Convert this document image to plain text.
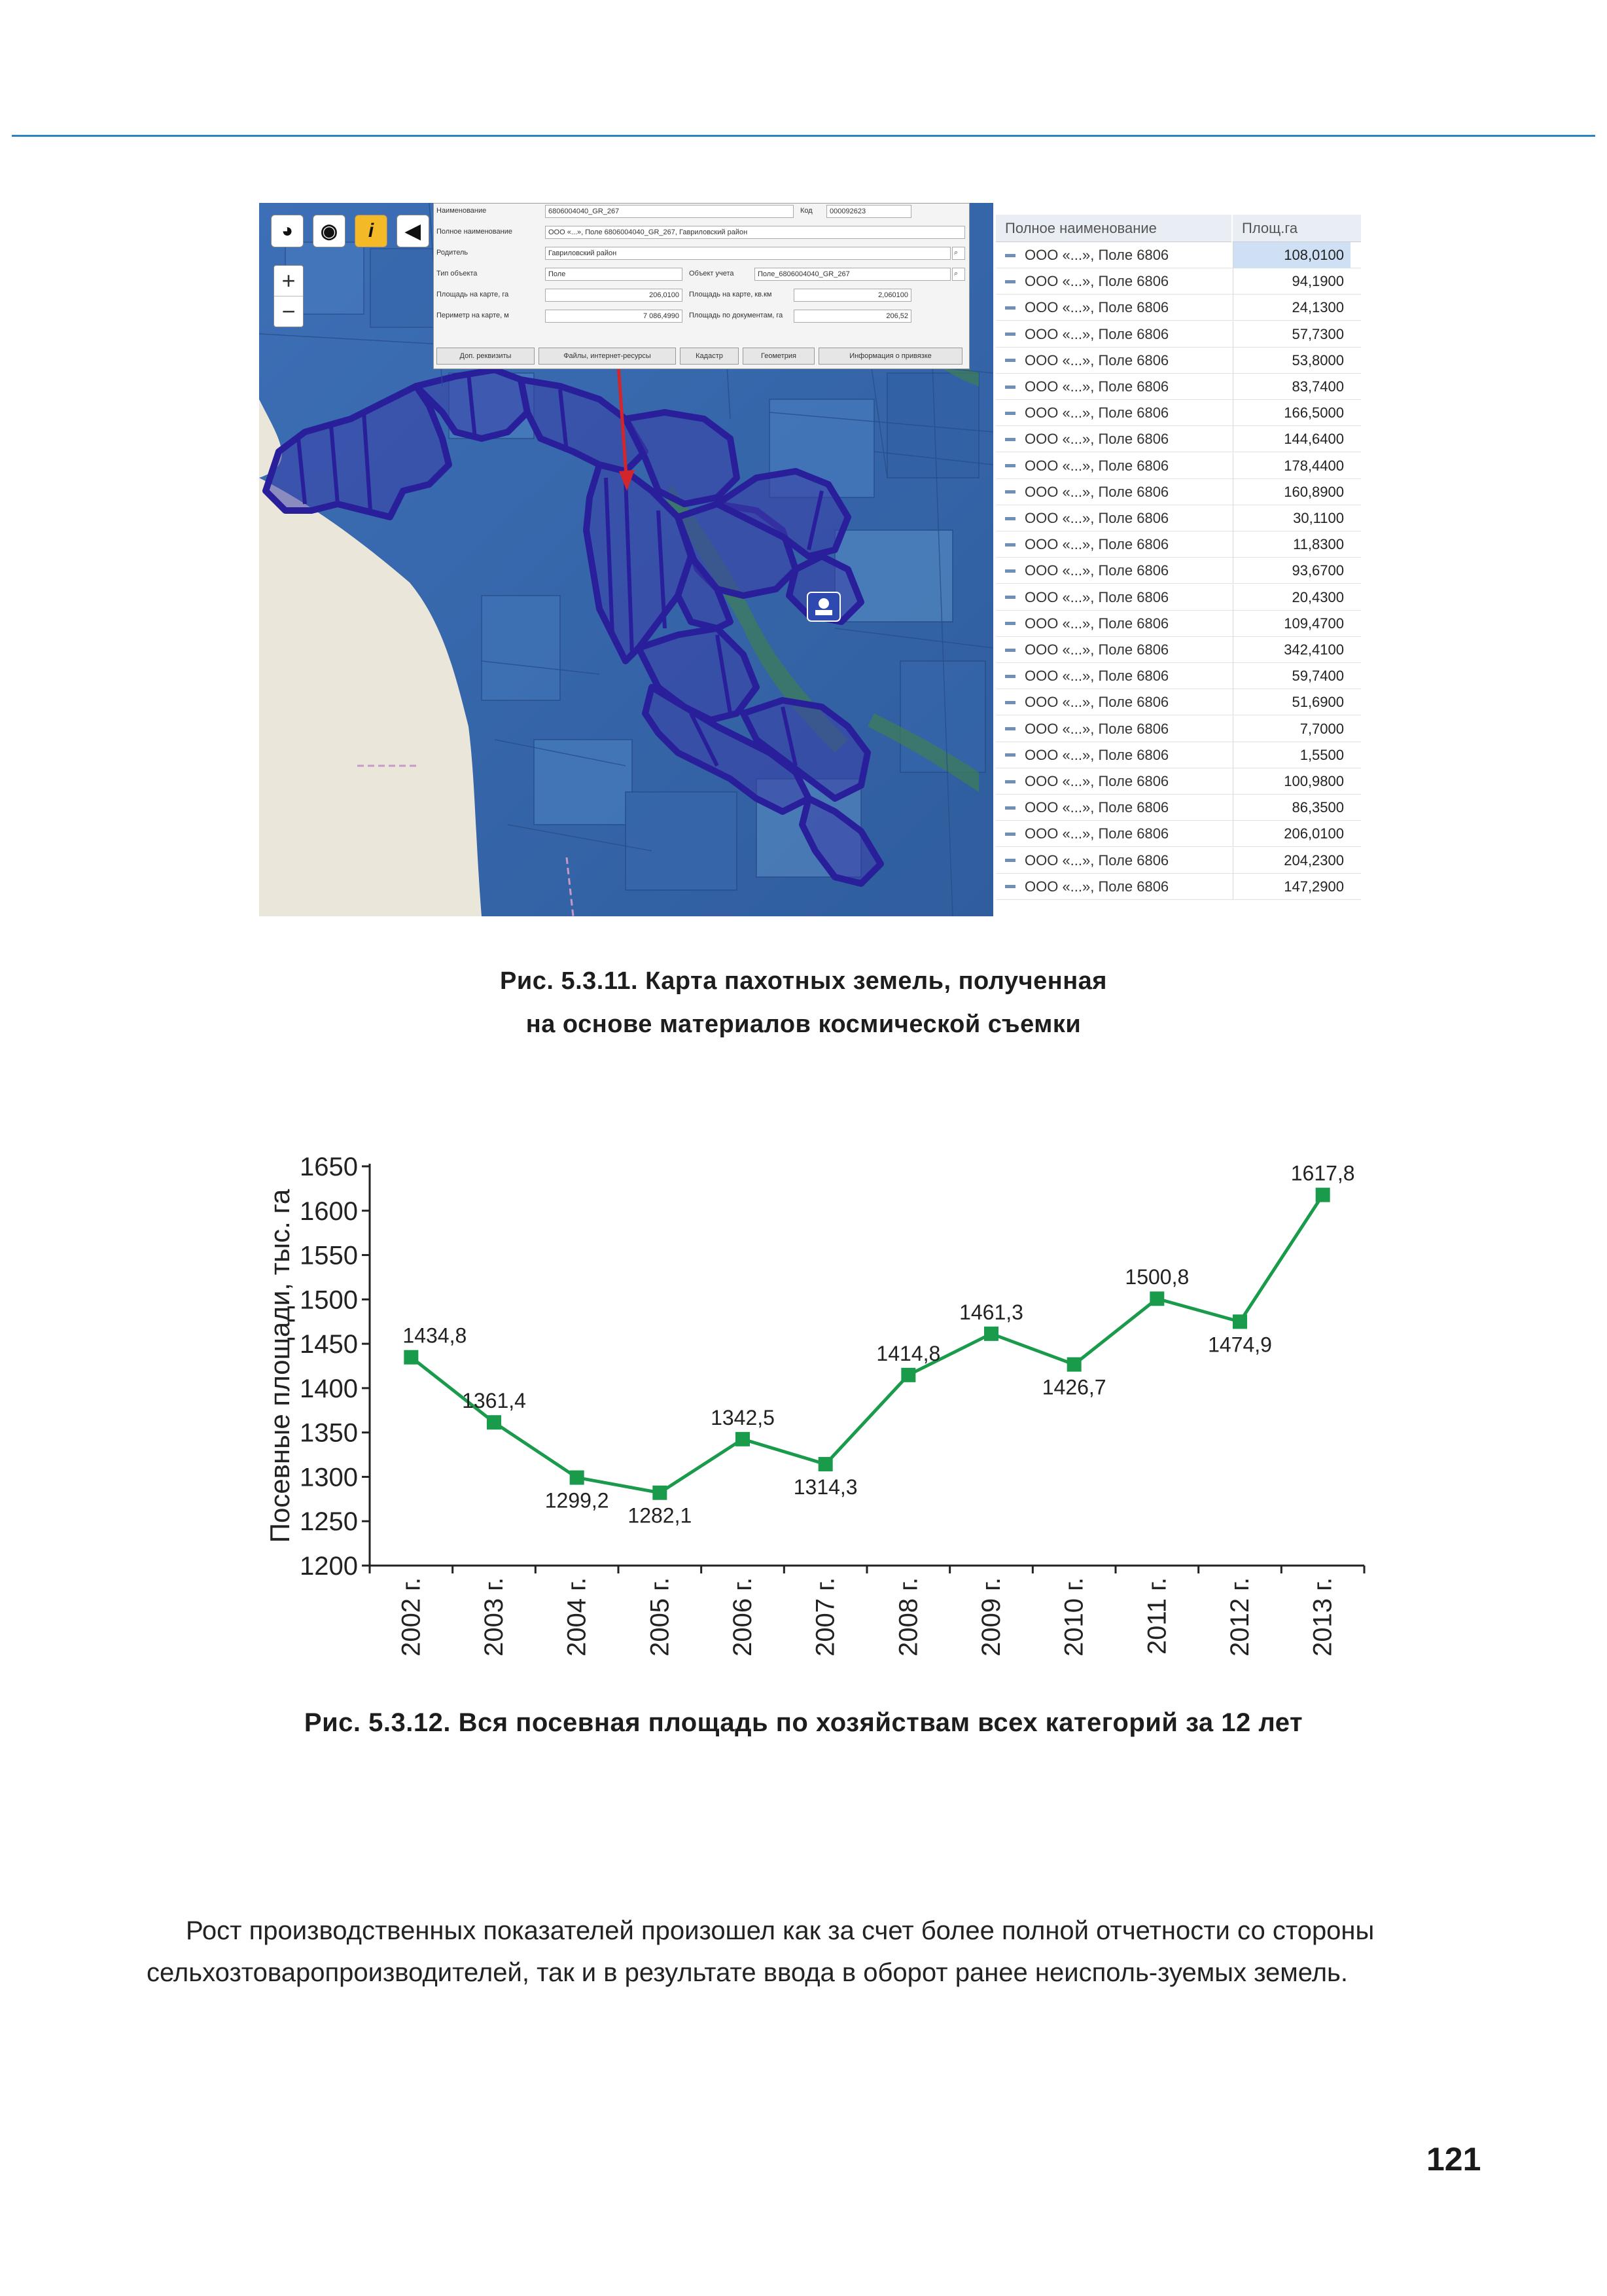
◕	◉	i	◀
+
−
Наименование	6806004040_GR_267	Код	000092623
Полное наименование	ООО «...», Поле 6806004040_GR_267, Гавриловский район
Родитель	Гавриловский район	⌕
Тип объекта	Поле	Объект учета	Поле_6806004040_GR_267	⌕
Площадь на карте, га	206,0100	Площадь на карте, кв.км	2,060100
Периметр на карте, м	7 086,4990	Площадь по документам, га	206,52
Доп. реквизиты	Файлы, интернет-ресурсы	Кадастр	Геометрия	Информация о привязке
Полное наименование	Площ.га
ООО «...», Поле 6806	108,0100
ООО «...», Поле 6806	94,1900
ООО «...», Поле 6806	24,1300
ООО «...», Поле 6806	57,7300
ООО «...», Поле 6806	53,8000
ООО «...», Поле 6806	83,7400
ООО «...», Поле 6806	166,5000
ООО «...», Поле 6806	144,6400
ООО «...», Поле 6806	178,4400
ООО «...», Поле 6806	160,8900
ООО «...», Поле 6806	30,1100
ООО «...», Поле 6806	11,8300
ООО «...», Поле 6806	93,6700
ООО «...», Поле 6806	20,4300
ООО «...», Поле 6806	109,4700
ООО «...», Поле 6806	342,4100
ООО «...», Поле 6806	59,7400
ООО «...», Поле 6806	51,6900
ООО «...», Поле 6806	7,7000
ООО «...», Поле 6806	1,5500
ООО «...», Поле 6806	100,9800
ООО «...», Поле 6806	86,3500
ООО «...», Поле 6806	206,0100
ООО «...», Поле 6806	204,2300
ООО «...», Поле 6806	147,2900
Рис. 5.3.11. Карта пахотных земель, полученная
на основе материалов космической съемки
1200
1250
1300
1350
1400
1450
1500
1550
1600
1650
2002 г. 2003 г. 2004 г. 2005 г. 2006 г. 2007 г. 2008 г. 2009 г. 2010 г. 2011 г. 2012 г. 2013 г.
Посевные площади, тыс. га	1434,8
1361,4
1299,2
1282,1
1342,5
1314,3
1414,8
1461,3
1426,7
1500,8
1474,9
1617,8
Рис. 5.3.12. Вся посевная площадь по хозяйствам всех категорий за 12 лет
Рост производственных показателей произошел как за счет более полной отчетности со стороны сельхозтоваропроизводителей, так и в результате ввода в оборот ранее неисполь-зуемых земель.
121
